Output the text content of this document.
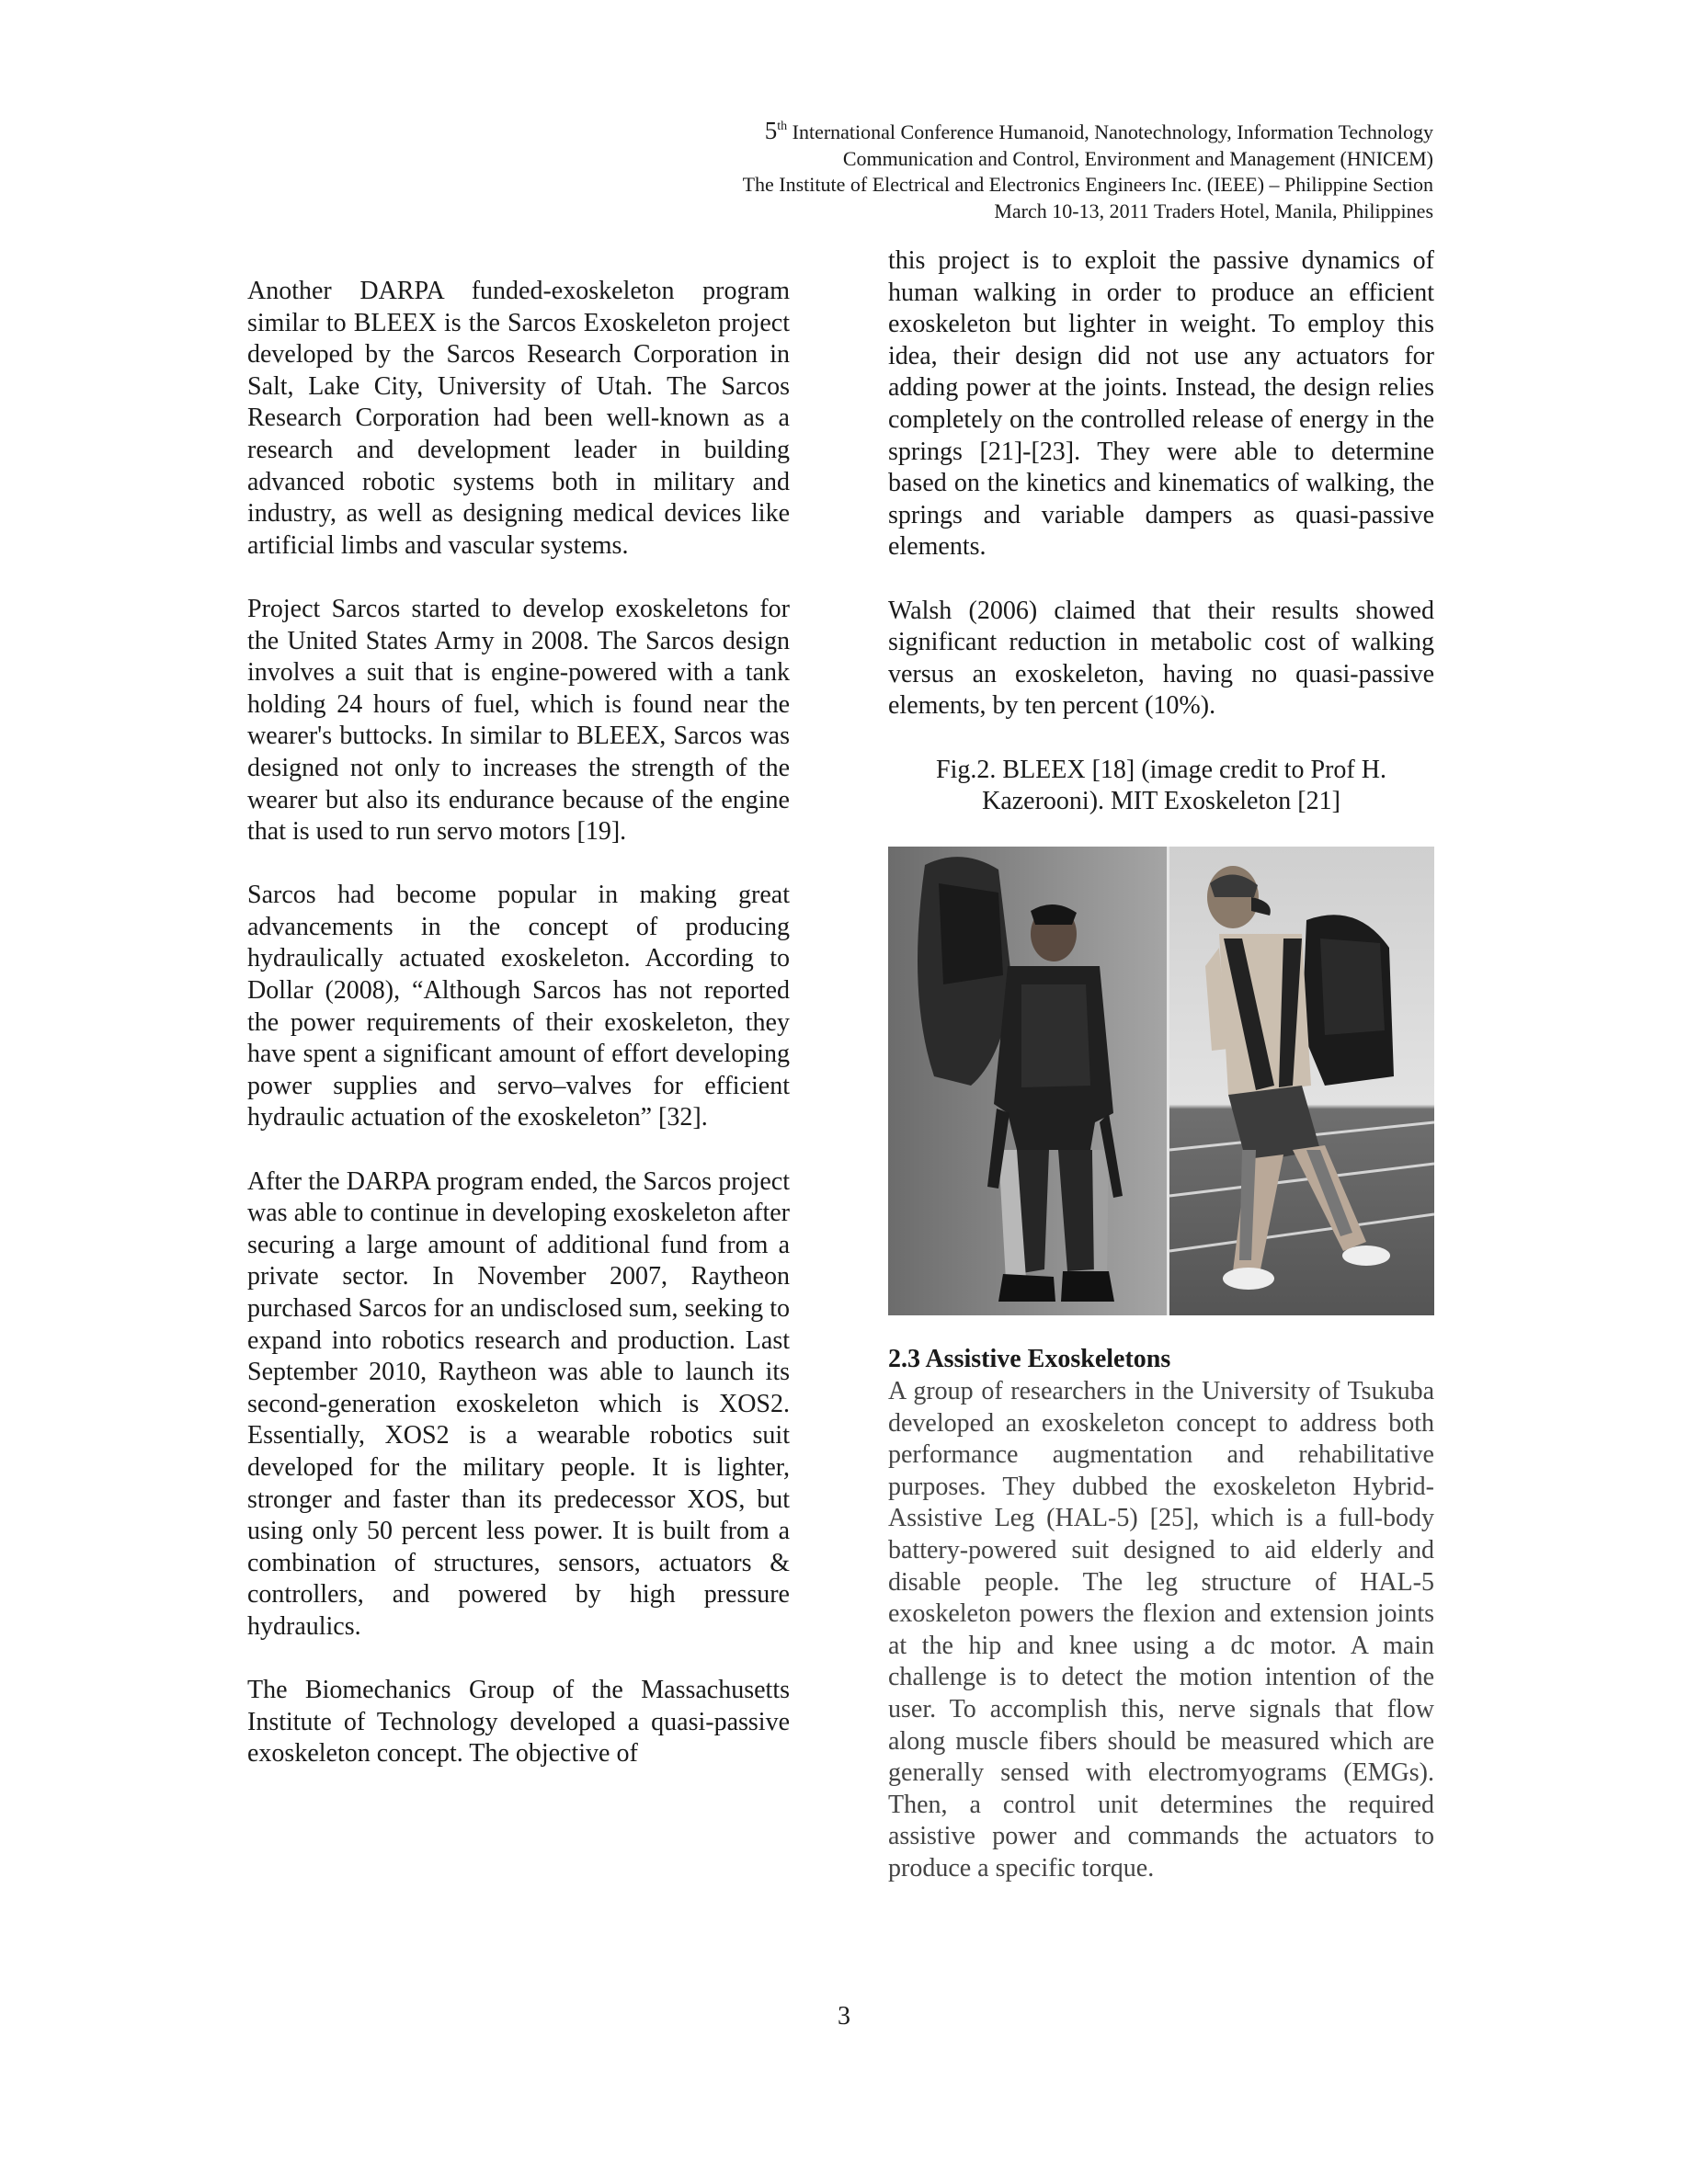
5th International Conference Humanoid, Nanotechnology, Information Technology
Communication and Control, Environment and Management (HNICEM)
The Institute of Electrical and Electronics Engineers Inc. (IEEE) – Philippine Section
March 10-13, 2011 Traders Hotel, Manila, Philippines

Another DARPA funded-exoskeleton program similar to BLEEX is the Sarcos Exoskeleton project developed by the Sarcos Research Corporation in Salt, Lake City, University of Utah. The Sarcos Research Corporation had been well-known as a research and development leader in building advanced robotic systems both in military and industry, as well as designing medical devices like artificial limbs and vascular systems.

Project Sarcos started to develop exoskeletons for the United States Army in 2008. The Sarcos design involves a suit that is engine-powered with a tank holding 24 hours of fuel, which is found near the wearer's buttocks. In similar to BLEEX, Sarcos was designed not only to increases the strength of the wearer but also its endurance because of the engine that is used to run servo motors [19].

Sarcos had become popular in making great advancements in the concept of producing hydraulically actuated exoskeleton. According to Dollar (2008), “Although Sarcos has not reported the power requirements of their exoskeleton, they have spent a significant amount of effort developing power supplies and servo–valves for efficient hydraulic actuation of the exoskeleton” [32].

After the DARPA program ended, the Sarcos project was able to continue in developing exoskeleton after securing a large amount of additional fund from a private sector. In November 2007, Raytheon purchased Sarcos for an undisclosed sum, seeking to expand into robotics research and production. Last September 2010, Raytheon was able to launch its second-generation exoskeleton which is XOS2. Essentially, XOS2 is a wearable robotics suit developed for the military people. It is lighter, stronger and faster than its predecessor XOS, but using only 50 percent less power. It is built from a combination of structures, sensors, actuators & controllers, and powered by high pressure hydraulics.

The Biomechanics Group of the Massachusetts Institute of Technology developed a quasi-passive exoskeleton concept. The objective of

this project is to exploit the passive dynamics of human walking in order to produce an efficient exoskeleton but lighter in weight. To employ this idea, their design did not use any actuators for adding power at the joints. Instead, the design relies completely on the controlled release of energy in the springs [21]-[23]. They were able to determine based on the kinetics and kinematics of walking, the springs and variable dampers as quasi-passive elements.

Walsh (2006) claimed that their results showed significant reduction in metabolic cost of walking versus an exoskeleton, having no quasi-passive elements, by ten percent (10%).

Fig.2. BLEEX [18] (image credit to Prof H.
Kazerooni). MIT Exoskeleton [21]
2.3 Assistive Exoskeletons

A group of researchers in the University of Tsukuba developed an exoskeleton concept to address both performance augmentation and rehabilitative purposes. They dubbed the exoskeleton Hybrid-Assistive Leg (HAL-5) [25], which is a full-body battery-powered suit designed to aid elderly and disable people. The leg structure of HAL-5 exoskeleton powers the flexion and extension joints at the hip and knee using a dc motor. A main challenge is to detect the motion intention of the user. To accomplish this, nerve signals that flow along muscle fibers should be measured which are generally sensed with electromyograms (EMGs). Then, a control unit determines the required assistive power and commands the actuators to produce a specific torque.

3
